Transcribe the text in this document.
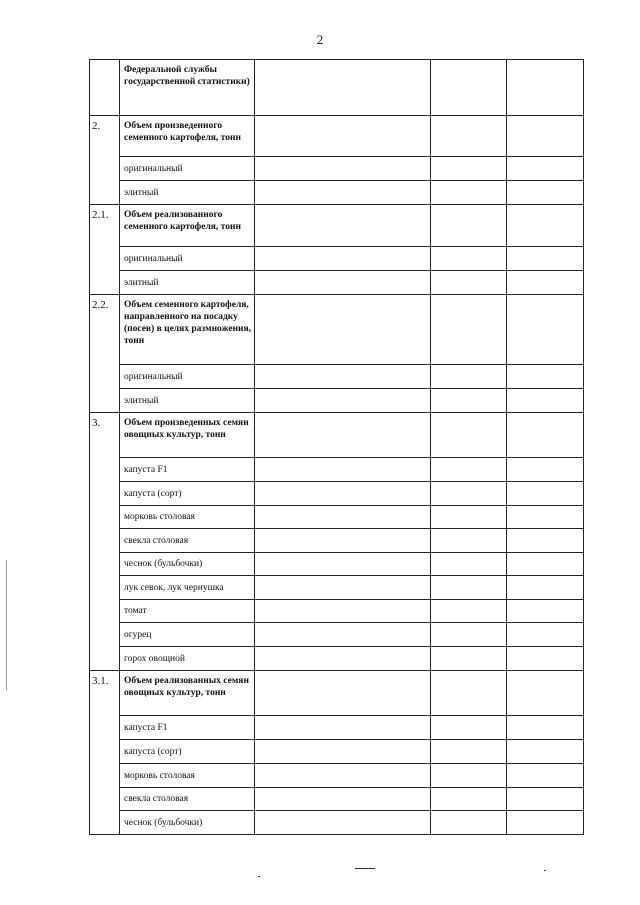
2
	Федеральной службы государственной статистики)			
2.	Объем произведенного семенного картофеля, тонн			
	оригинальный			
	элитный			
2.1.	Объем реализованного семенного картофеля, тонн			
	оригинальный			
	элитный			
2.2.	Объем семенного картофеля, направленного на посадку (посев) в целях размножения, тонн			
	оригинальный			
	элитный			
3.	Объем произведенных семян овощных культур, тонн			
	капуста F1			
	капуста (сорт)			
	морковь столовая			
	свекла столовая			
	чеснок (бульбочки)			
	лук севок, лук чернушка			
	томат			
	огурец			
	горох овощной			
3.1.	Объем реализованных семян овощных культур, тонн			
	капуста F1			
	капуста (сорт)			
	морковь столовая			
	свекла столовая			
	чеснок (бульбочки)			
